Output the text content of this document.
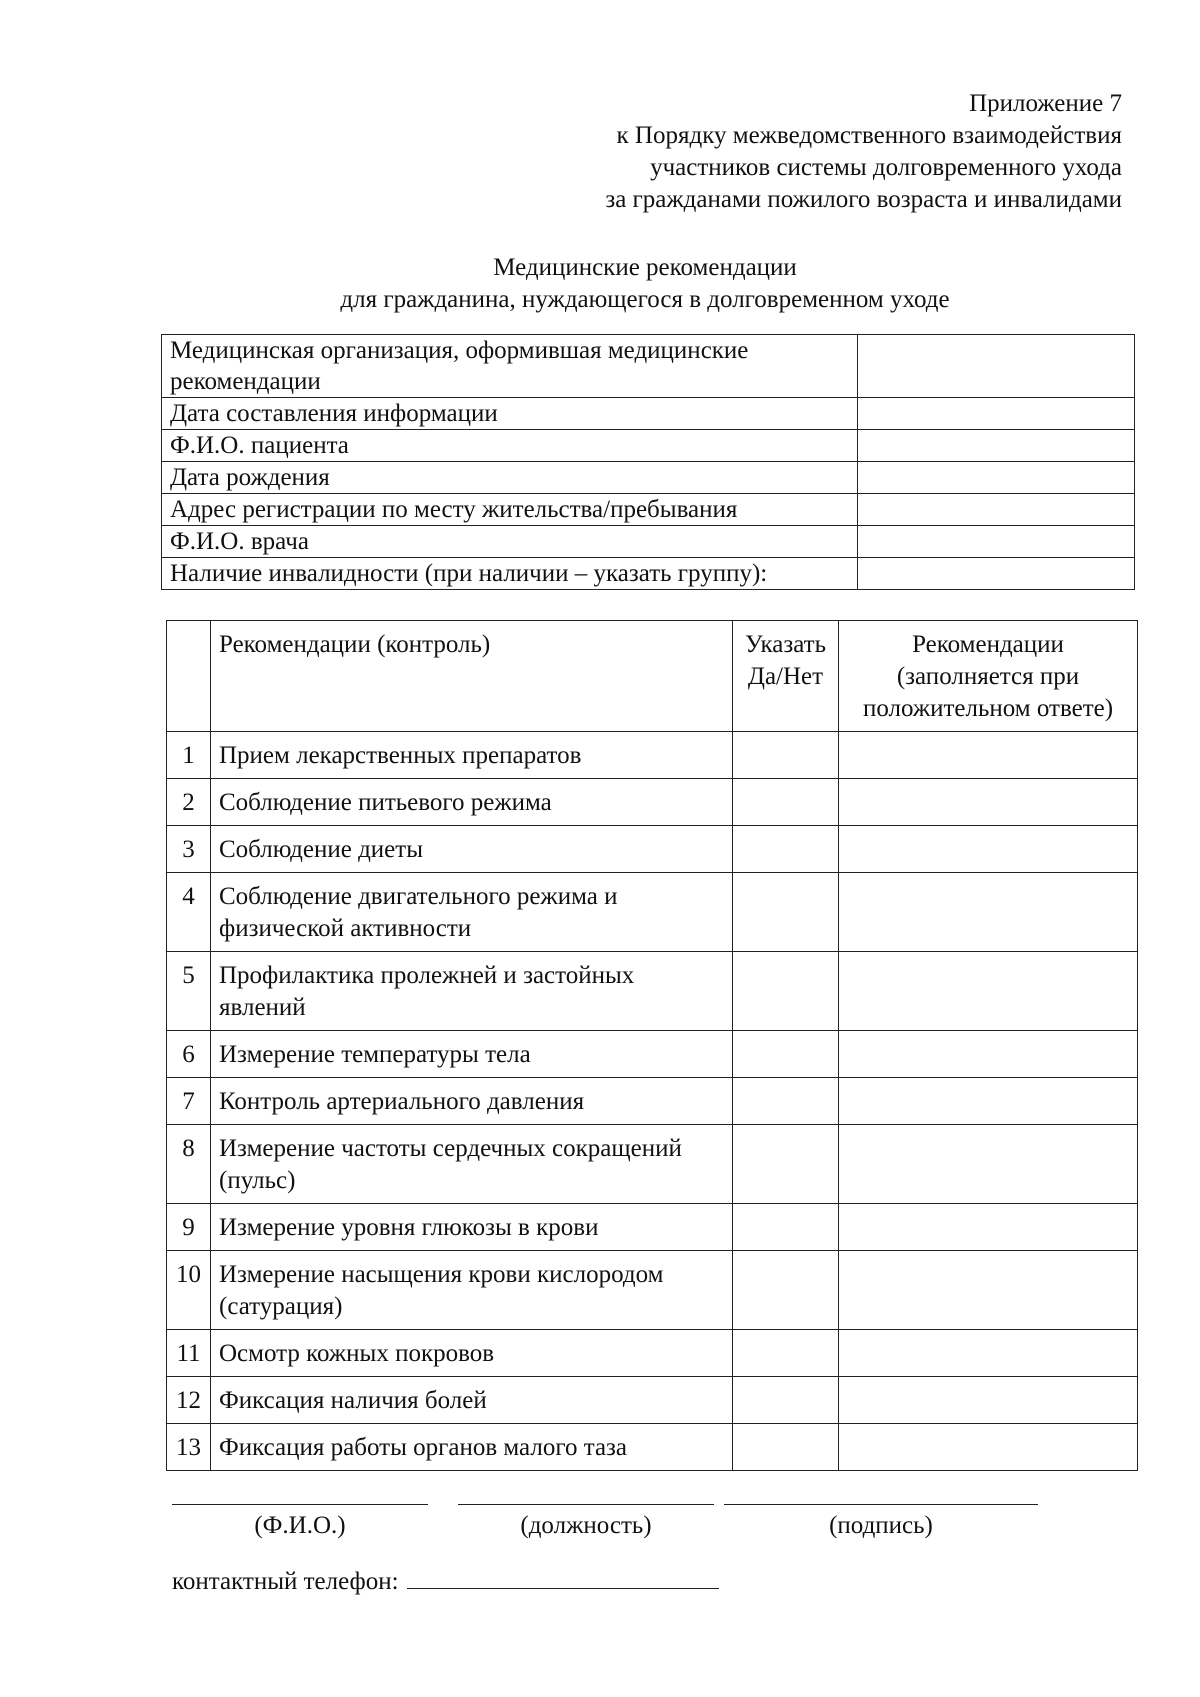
Приложение 7
к Порядку межведомственного взаимодействия
участников системы долговременного ухода
за гражданами пожилого возраста и инвалидами
Медицинские рекомендации
для гражданина, нуждающегося в долговременном уходе
Медицинская организация, оформившая медицинские рекомендации	
Дата составления информации	
Ф.И.О. пациента	
Дата рождения	
Адрес регистрации по месту жительства/пребывания	
Ф.И.О. врача	
Наличие инвалидности (при наличии – указать группу):	
	Рекомендации (контроль)	Указать Да/Нет	Рекомендации (заполняется при положительном ответе)
1	Прием лекарственных препаратов		
2	Соблюдение питьевого режима		
3	Соблюдение диеты		
4	Соблюдение двигательного режима и физической активности		
5	Профилактика пролежней и застойных явлений		
6	Измерение температуры тела		
7	Контроль артериального давления		
8	Измерение частоты сердечных сокращений (пульс)		
9	Измерение уровня глюкозы в крови		
10	Измерение насыщения крови кислородом (сатурация)		
11	Осмотр кожных покровов		
12	Фиксация наличия болей		
13	Фиксация работы органов малого таза		
(Ф.И.О.)	(должность)	(подпись)
контактный телефон:
